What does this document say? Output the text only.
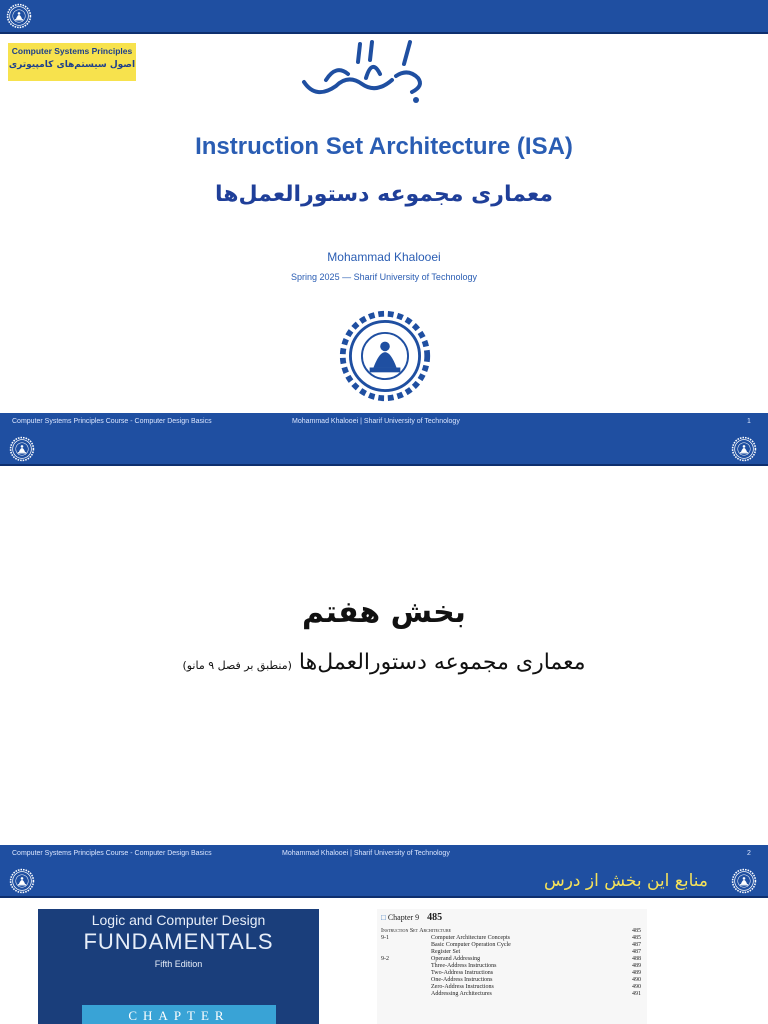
Computer Systems Principles
اصول سیستم‌های کامپیوتری
Instruction Set Architecture (ISA)
معماری مجموعه دستورالعمل‌ها
Mohammad Khalooei
Spring 2025 — Sharif University of Technology
Computer Systems Principles Course - Computer Design Basics	Mohammad Khalooei | Sharif University of Technology	1
بخش هفتم
معماری مجموعه دستورالعمل‌ها (منطبق بر فصل ۹ مانو)
Computer Systems Principles Course - Computer Design Basics	Mohammad Khalooei | Sharif University of Technology	2
منابع این بخش از درس
Logic and Computer Design
FUNDAMENTALS
Fifth Edition
CHAPTER
□ Chapter 9 485
Instruction Set Architecture	485
9-1	Computer Architecture Concepts	485
Basic Computer Operation Cycle	487
Register Set	487
9-2	Operand Addressing	488
Three-Address Instructions	489
Two-Address Instructions	489
One-Address Instructions	490
Zero-Address Instructions	490
Addressing Architectures	491
